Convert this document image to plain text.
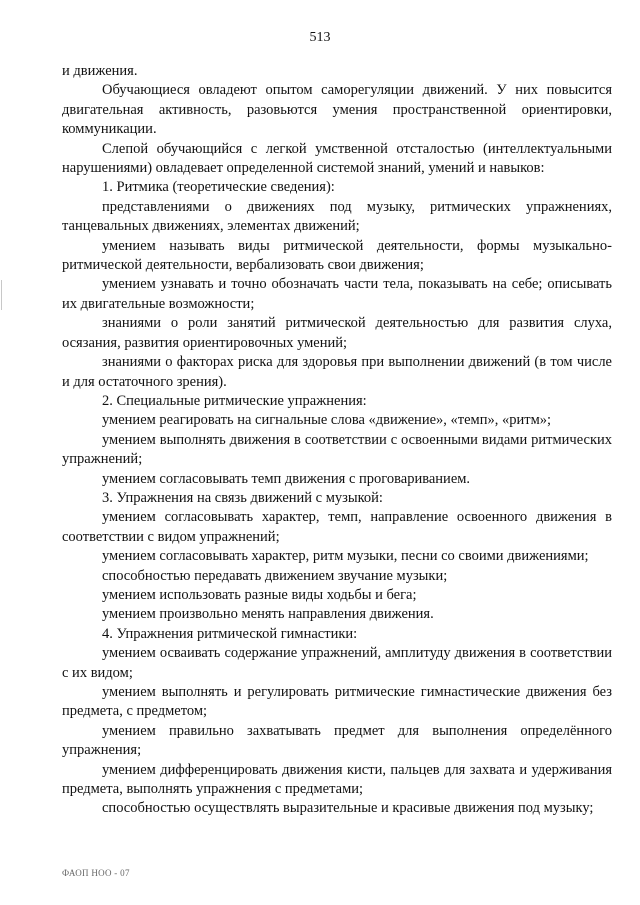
513

и движения.

Обучающиеся овладеют опытом саморегуляции движений. У них повысится двигательная активность, разовьются умения пространственной ориентировки, коммуникации.

Слепой обучающийся с легкой умственной отсталостью (интеллектуальными нарушениями) овладевает определенной системой знаний, умений и навыков:

1. Ритмика (теоретические сведения):

представлениями о движениях под музыку, ритмических упражнениях, танцевальных движениях, элементах движений;

умением называть виды ритмической деятельности, формы музыкально-ритмической деятельности, вербализовать свои движения;

умением узнавать и точно обозначать части тела, показывать на себе; описывать их двигательные возможности;

знаниями о роли занятий ритмической деятельностью для развития слуха, осязания, развития ориентировочных умений;

знаниями о факторах риска для здоровья при выполнении движений (в том числе и для остаточного зрения).

2. Специальные ритмические упражнения:

умением реагировать на сигнальные слова «движение», «темп», «ритм»;

умением выполнять движения в соответствии с освоенными видами ритмических упражнений;

умением согласовывать темп движения с проговариванием.

3. Упражнения на связь движений с музыкой:

умением согласовывать характер, темп, направление освоенного движения в соответствии с видом упражнений;

умением согласовывать характер, ритм музыки, песни со своими движениями;

способностью передавать движением звучание музыки;

умением использовать разные виды ходьбы и бега;

умением произвольно менять направления движения.

4. Упражнения ритмической гимнастики:

умением осваивать содержание упражнений, амплитуду движения в соответствии с их видом;

умением выполнять и регулировать ритмические гимнастические движения без предмета, с предметом;

умением правильно захватывать предмет для выполнения определённого упражнения;

умением дифференцировать движения кисти, пальцев для захвата и удерживания предмета, выполнять упражнения с предметами;

способностью осуществлять выразительные и красивые движения под музыку;

ФАОП НОО - 07
